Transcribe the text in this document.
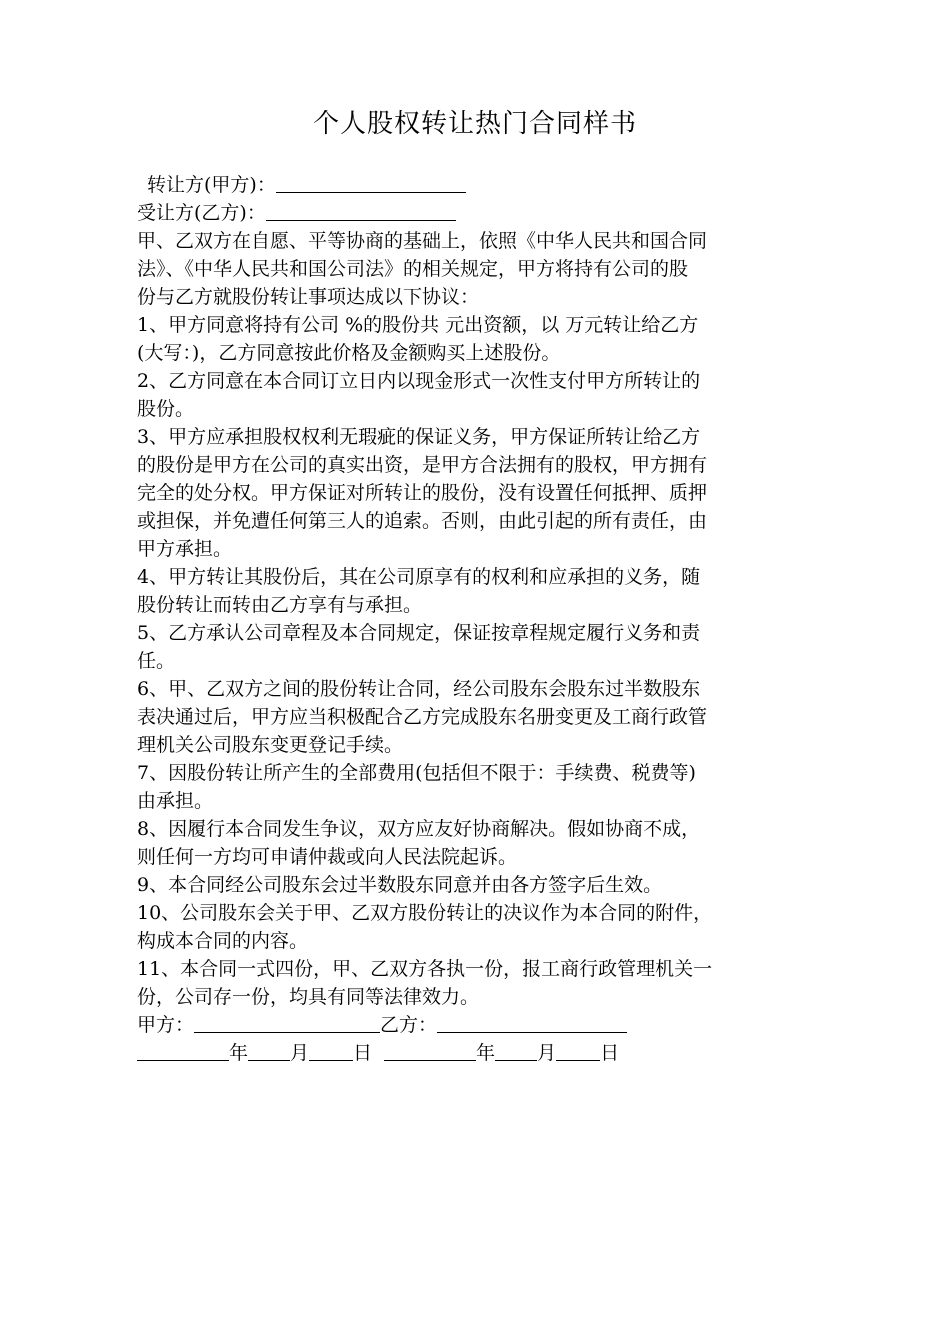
个人股权转让热门合同样书
转让方(甲方)：
受让方(乙方)：
甲、乙双方在自愿、平等协商的基础上，依照《中华人民共和国合同
法》、《中华人民共和国公司法》的相关规定，甲方将持有公司的股
份与乙方就股份转让事项达成以下协议：
1、甲方同意将持有公司 %的股份共 元出资额，以 万元转让给乙方
(大写：)，乙方同意按此价格及金额购买上述股份。
2、乙方同意在本合同订立日内以现金形式一次性支付甲方所转让的
股份。
3、甲方应承担股权权利无瑕疵的保证义务，甲方保证所转让给乙方
的股份是甲方在公司的真实出资，是甲方合法拥有的股权，甲方拥有
完全的处分权。甲方保证对所转让的股份，没有设置任何抵押、质押
或担保，并免遭任何第三人的追索。否则，由此引起的所有责任，由
甲方承担。
4、甲方转让其股份后，其在公司原享有的权利和应承担的义务，随
股份转让而转由乙方享有与承担。
5、乙方承认公司章程及本合同规定，保证按章程规定履行义务和责
任。
6、甲、乙双方之间的股份转让合同，经公司股东会股东过半数股东
表决通过后，甲方应当积极配合乙方完成股东名册变更及工商行政管
理机关公司股东变更登记手续。
7、因股份转让所产生的全部费用(包括但不限于：手续费、税费等)
由承担。
8、因履行本合同发生争议，双方应友好协商解决。假如协商不成，
则任何一方均可申请仲裁或向人民法院起诉。
9、本合同经公司股东会过半数股东同意并由各方签字后生效。
10、公司股东会关于甲、乙双方股份转让的决议作为本合同的附件，
构成本合同的内容。
11、本合同一式四份，甲、乙双方各执一份，报工商行政管理机关一
份，公司存一份，均具有同等法律效力。
甲方：	乙方：
年 月 日	年 月 日
